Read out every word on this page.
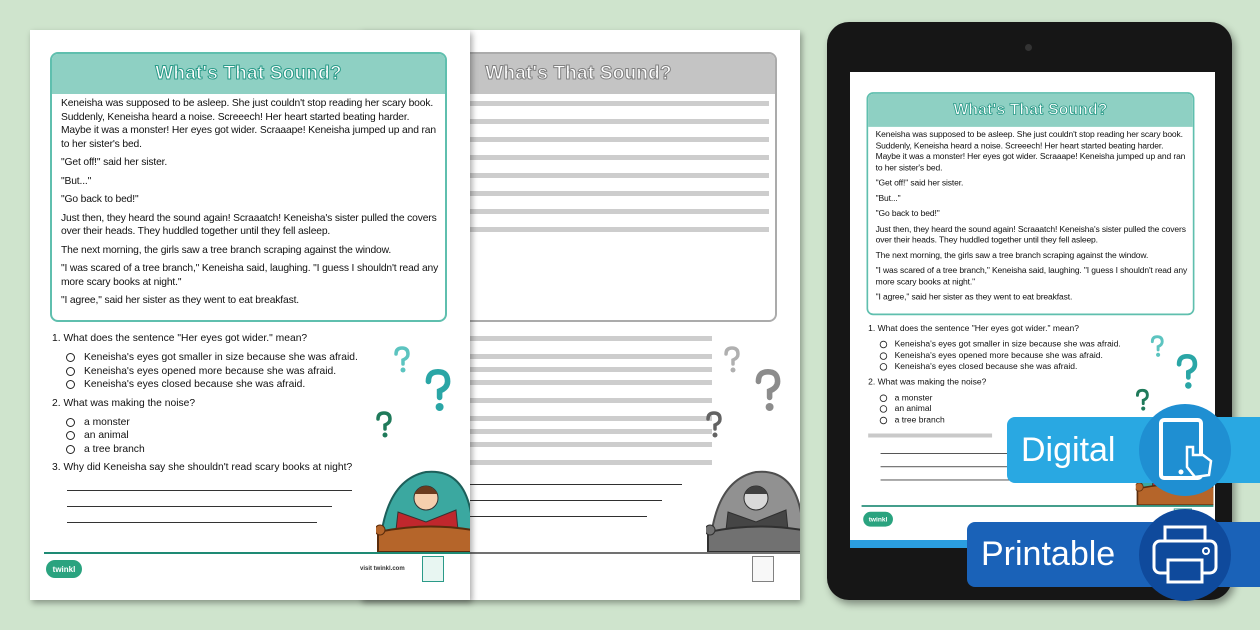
What's That Sound?

What's That Sound?

Keneisha was supposed to be asleep. She just couldn't stop reading her scary book. Suddenly, Keneisha heard a noise. Screeech! Her heart started beating harder. Maybe it was a monster! Her eyes got wider. Scraaape! Keneisha jumped up and ran to her sister's bed.

"Get off!" said her sister.

"But..."

"Go back to bed!"

Just then, they heard the sound again! Scraaatch! Keneisha's sister pulled the covers over their heads. They huddled together until they fell asleep.

The next morning, the girls saw a tree branch scraping against the window.

"I was scared of a tree branch," Keneisha said, laughing. "I guess I shouldn't read any more scary books at night."

"I agree," said her sister as they went to eat breakfast.

1. What does the sentence "Her eyes got wider." mean?
Keneisha's eyes got smaller in size because she was afraid.
Keneisha's eyes opened more because she was afraid.
Keneisha's eyes closed because she was afraid.
2. What was making the noise?
a monster
an animal
a tree branch
3. Why did Keneisha say she shouldn't read scary books at night?
twinkl	visit twinkl.com
What's That Sound?

Keneisha was supposed to be asleep. She just couldn't stop reading her scary book. Suddenly, Keneisha heard a noise. Screeech! Her heart started beating harder. Maybe it was a monster! Her eyes got wider. Scraaape! Keneisha jumped up and ran to her sister's bed.

"Get off!" said her sister.

"But..."

"Go back to bed!"

Just then, they heard the sound again! Scraaatch! Keneisha's sister pulled the covers over their heads. They huddled together until they fell asleep.

The next morning, the girls saw a tree branch scraping against the window.

"I was scared of a tree branch," Keneisha said, laughing. "I guess I shouldn't read any more scary books at night."

"I agree," said her sister as they went to eat breakfast.

1. What does the sentence "Her eyes got wider." mean?
Keneisha's eyes got smaller in size because she was afraid.
Keneisha's eyes opened more because she was afraid.
Keneisha's eyes closed because she was afraid.
2. What was making the noise?
a monster
an animal
a tree branch
twinkl
Digital
Printable
